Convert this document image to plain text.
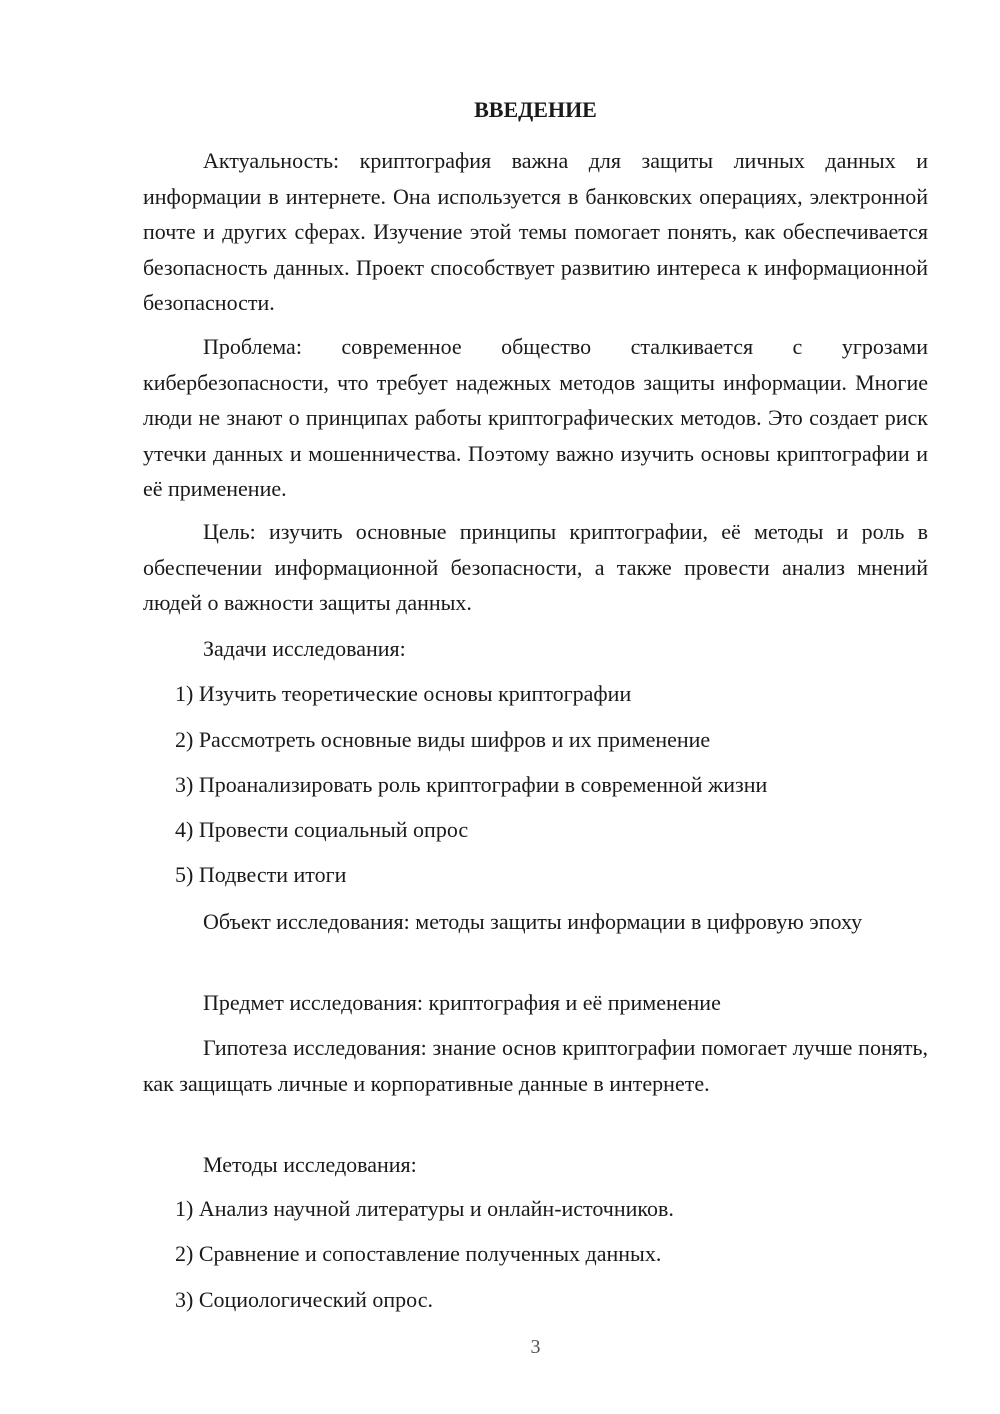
ВВЕДЕНИЕ

Актуальность: криптография важна для защиты личных данных и информации в интернете. Она используется в банковских операциях, электронной почте и других сферах. Изучение этой темы помогает понять, как обеспечивается безопасность данных. Проект способствует развитию интереса к информационной безопасности.

Проблема: современное общество сталкивается с угрозами кибербезопасности, что требует надежных методов защиты информации. Многие люди не знают о принципах работы криптографических методов. Это создает риск утечки данных и мошенничества. Поэтому важно изучить основы криптографии и её применение.

Цель: изучить основные принципы криптографии, её методы и роль в обеспечении информационной безопасности, а также провести анализ мнений людей о важности защиты данных.

Задачи исследования:

1) Изучить теоретические основы криптографии
2) Рассмотреть основные виды шифров и их применение
3) Проанализировать роль криптографии в современной жизни
4) Провести социальный опрос
5) Подвести итоги

Объект исследования: методы защиты информации в цифровую эпоху

Предмет исследования: криптография и её применение

Гипотеза исследования: знание основ криптографии помогает лучше понять, как защищать личные и корпоративные данные в интернете.

Методы исследования:

1) Анализ научной литературы и онлайн-источников.
2) Сравнение и сопоставление полученных данных.
3) Социологический опрос.
3
